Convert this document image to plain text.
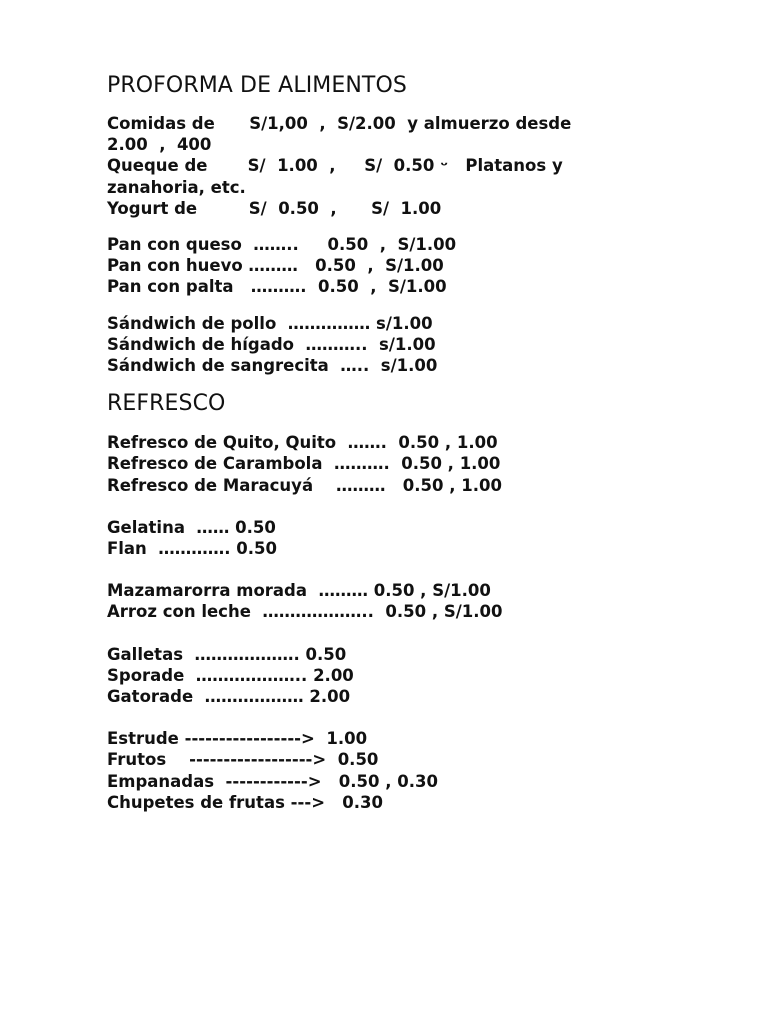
PROFORMA DE ALIMENTOS

Comidas de      S/1,00  ,  S/2.00  y almuerzo desde

2.00  ,  400

Queque de       S/  1.00  ,     S/  0.50 ᵕ   Platanos y

zanahoria, etc.

Yogurt de         S/  0.50  ,      S/  1.00

Pan con queso  ……..     0.50  ,  S/1.00

Pan con huevo ………   0.50  ,  S/1.00

Pan con palta   ……….  0.50  ,  S/1.00

Sándwich de pollo  …………… s/1.00

Sándwich de hígado  ………..  s/1.00

Sándwich de sangrecita  …..  s/1.00

REFRESCO

Refresco de Quito, Quito  …….  0.50 , 1.00

Refresco de Carambola  ……….  0.50 , 1.00

Refresco de Maracuyá    ………   0.50 , 1.00

Gelatina  …… 0.50

Flan  …………. 0.50

Mazamarorra morada  ……… 0.50 , S/1.00

Arroz con leche  ………………..  0.50 , S/1.00

Galletas  ………………. 0.50

Sporade  ……………….. 2.00

Gatorade  ……………… 2.00

Estrude ----------------->  1.00

Frutos    ------------------>  0.50

Empanadas  ------------>   0.50 , 0.30

Chupetes de frutas --->   0.30
